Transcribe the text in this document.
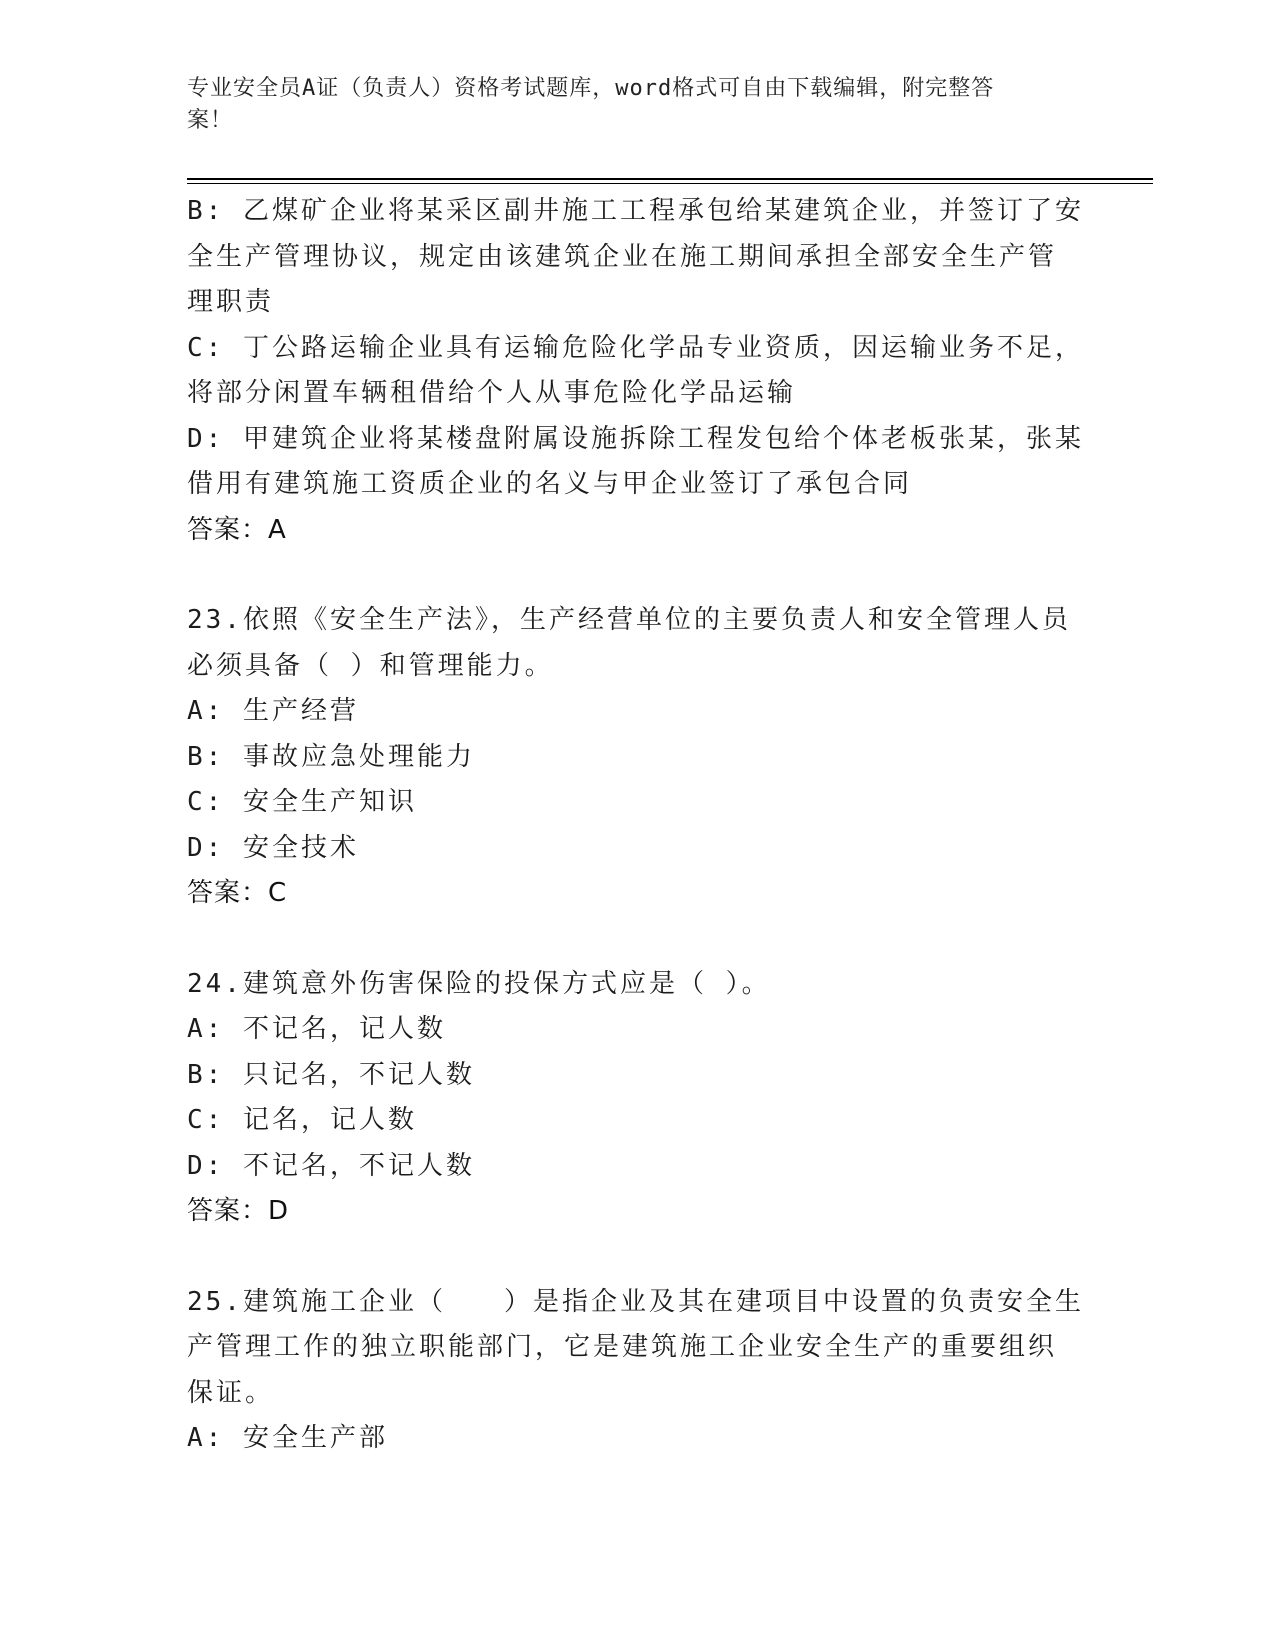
专业安全员A证（负责人）资格考试题库，word格式可自由下载编辑，附完整答
案！
B: 乙煤矿企业将某采区副井施工工程承包给某建筑企业，并签订了安
全生产管理协议，规定由该建筑企业在施工期间承担全部安全生产管
理职责
C: 丁公路运输企业具有运输危险化学品专业资质，因运输业务不足，
将部分闲置车辆租借给个人从事危险化学品运输
D: 甲建筑企业将某楼盘附属设施拆除工程发包给个体老板张某，张某
借用有建筑施工资质企业的名义与甲企业签订了承包合同
答案：A
23.依照《安全生产法》，生产经营单位的主要负责人和安全管理人员
必须具备（ ）和管理能力。
A: 生产经营
B: 事故应急处理能力
C: 安全生产知识
D: 安全技术
答案：C
24.建筑意外伤害保险的投保方式应是（ ）。
A: 不记名，记人数
B: 只记名，不记人数
C: 记名，记人数
D: 不记名，不记人数
答案：D
25.建筑施工企业（　　）是指企业及其在建项目中设置的负责安全生
产管理工作的独立职能部门，它是建筑施工企业安全生产的重要组织
保证。
A: 安全生产部
